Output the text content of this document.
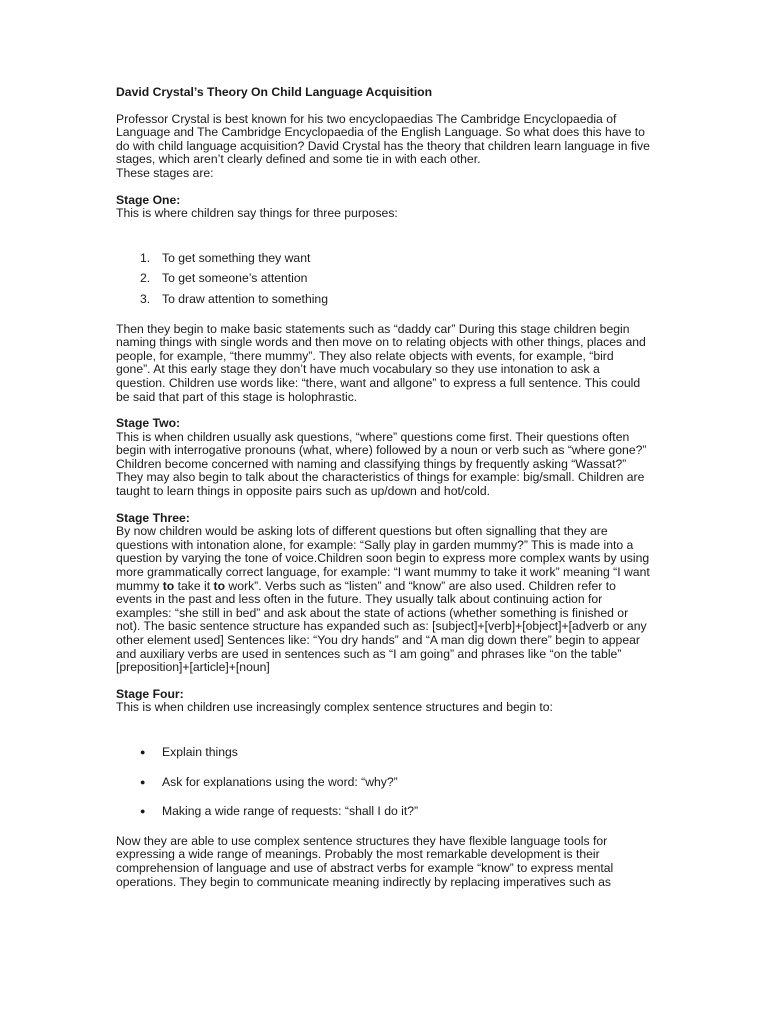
David Crystal’s Theory On Child Language Acquisition

Professor Crystal is best known for his two encyclopaedias The Cambridge Encyclopaedia of Language and The Cambridge Encyclopaedia of the English Language. So what does this have to do with child language acquisition? David Crystal has the theory that children learn language in five stages, which aren’t clearly defined and some tie in with each other.

These stages are:

Stage One:

This is where children say things for three purposes:

1. To get something they want
2. To get someone’s attention
3. To draw attention to something

Then they begin to make basic statements such as “daddy car” During this stage children begin naming things with single words and then move on to relating objects with other things, places and people, for example, “there mummy”. They also relate objects with events, for example, “bird gone”. At this early stage they don’t have much vocabulary so they use intonation to ask a question. Children use words like: “there, want and allgone” to express a full sentence. This could be said that part of this stage is holophrastic.

Stage Two:

This is when children usually ask questions, “where” questions come first. Their questions often begin with interrogative pronouns (what, where) followed by a noun or verb such as “where gone?” Children become concerned with naming and classifying things by frequently asking “Wassat?” They may also begin to talk about the characteristics of things for example: big/small. Children are taught to learn things in opposite pairs such as up/down and hot/cold.

Stage Three:

By now children would be asking lots of different questions but often signalling that they are questions with intonation alone, for example: “Sally play in garden mummy?” This is made into a question by varying the tone of voice.Children soon begin to express more complex wants by using more grammatically correct language, for example: “I want mummy to take it work” meaning “I want mummy to take it to work”. Verbs such as “listen” and “know” are also used. Children refer to events in the past and less often in the future. They usually talk about continuing action for examples: “she still in bed” and ask about the state of actions (whether something is finished or not). The basic sentence structure has expanded such as: [subject]+[verb]+[object]+[adverb or any other element used] Sentences like: “You dry hands” and “A man dig down there” begin to appear and auxiliary verbs are used in sentences such as “I am going” and phrases like “on the table” [preposition]+[article]+[noun]

Stage Four:

This is when children use increasingly complex sentence structures and begin to:

● Explain things
● Ask for explanations using the word: “why?”
● Making a wide range of requests: “shall I do it?”

Now they are able to use complex sentence structures they have flexible language tools for expressing a wide range of meanings. Probably the most remarkable development is their comprehension of language and use of abstract verbs for example “know” to express mental operations. They begin to communicate meaning indirectly by replacing imperatives such as
